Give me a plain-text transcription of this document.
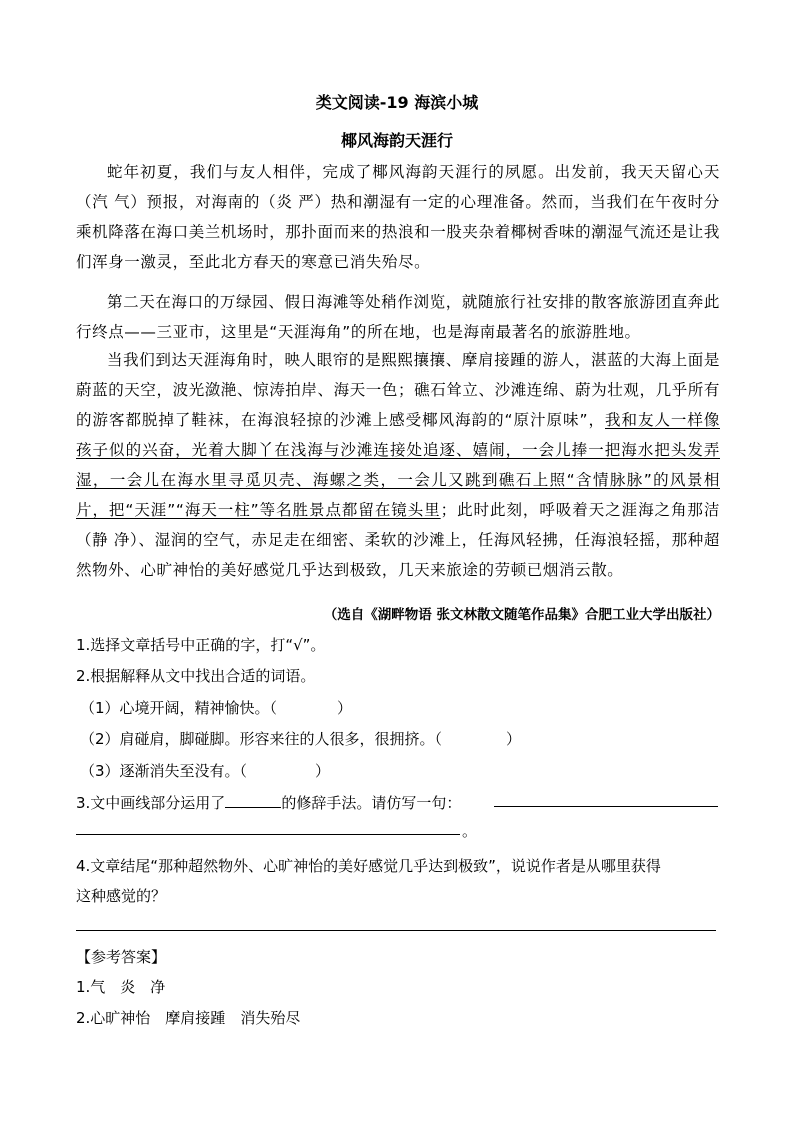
类文阅读-19 海滨小城
椰风海韵天涯行
蛇年初夏，我们与友人相伴，完成了椰风海韵天涯行的夙愿。出发前，我天天留心天（汽 气）预报，对海南的（炎 严）热和潮湿有一定的心理准备。然而，当我们在午夜时分乘机降落在海口美兰机场时，那扑面而来的热浪和一股夹杂着椰树香味的潮湿气流还是让我们浑身一激灵，至此北方春天的寒意已消失殆尽。
第二天在海口的万绿园、假日海滩等处稍作浏览，就随旅行社安排的散客旅游团直奔此行终点——三亚市，这里是“天涯海角”的所在地，也是海南最著名的旅游胜地。
当我们到达天涯海角时，映人眼帘的是熙熙攘攘、摩肩接踵的游人，湛蓝的大海上面是蔚蓝的天空，波光潋滟、惊涛拍岸、海天一色；礁石耸立、沙滩连绵、蔚为壮观，几乎所有的游客都脱掉了鞋袜，在海浪轻掠的沙滩上感受椰风海韵的“原汁原味”，我和友人一样像孩子似的兴奋，光着大脚丫在浅海与沙滩连接处追逐、嬉闹，一会儿捧一把海水把头发弄湿，一会儿在海水里寻觅贝壳、海螺之类，一会儿又跳到礁石上照“含情脉脉”的风景相片，把“天涯”“海天一柱”等名胜景点都留在镜头里；此时此刻，呼吸着天之涯海之角那洁（静 净）、湿润的空气，赤足走在细密、柔软的沙滩上，任海风轻拂，任海浪轻摇，那种超然物外、心旷神怡的美好感觉几乎达到极致，几天来旅途的劳顿已烟消云散。
（选自《湖畔物语 张文林散文随笔作品集》合肥工业大学出版社）
1.选择文章括号中正确的字，打“√”。
2.根据解释从文中找出合适的词语。
（1）心境开阔，精神愉快。（	）
（2）肩碰肩，脚碰脚。形容来往的人很多，很拥挤。（	）
（3）逐渐消失至没有。（	）
3.文中画线部分运用了	的修辞手法。请仿写一句：
。
4.文章结尾“那种超然物外、心旷神怡的美好感觉几乎达到极致”，说说作者是从哪里获得
这种感觉的？
【参考答案】
1.气　炎　净
2.心旷神怡　摩肩接踵　消失殆尽
